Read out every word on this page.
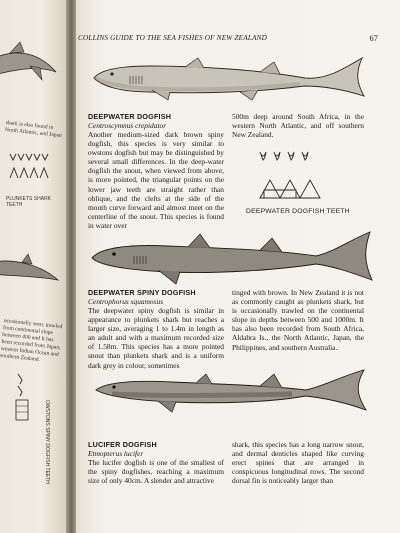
shark is also found in North Atlantic, and Japan
PLUNKETS SHARK TEETH
occasionally seen, trawled from continental slope between 400 and It has been recorded from Japan, western Indian Ocean and southern Zealand.
OWSTONS SPINY DOGFISH TEETH
COLLINS GUIDE TO THE SEA FISHES OF NEW ZEALAND	67
DEEPWATER DOGFISH
Centroscymnus crepidator
Another medium-sized dark brown spiny dogfish, this species is very similar to owstons dogfish but may be distinguished by several small differences. In the deep-water dogfish the snout, when viewed from above, is more pointed, the triangular points on the lower jaw teeth are straight rather than oblique, and the clefts at the side of the mouth curve forward and almost meet on the centerline of the snout. This species is found in water over
500m deep around South Africa, in the western North Atlantic, and off southern New Zealand.
DEEPWATER DOGFISH TEETH
DEEPWATER SPINY DOGFISH
Centrophorus squamosus
The deepwater spiny dogfish is similar in appearance to plunkets shark but reaches a larger size, averaging 1 to 1.4m in length as an adult and with a maximum recorded size of 1.58m. This species has a more pointed snout than plunkets shark and is a uniform dark grey in colour, sometimes
tinged with brown. In New Zealand it is not as commonly caught as plunkets shark, but is occasionally trawled on the continental slope in depths between 500 and 1000m. It has also been recorded from South Africa, Aldabra Is., the North Atlantic, Japan, the Philippines, and southern Australia.
LUCIFER DOGFISH
Etmopterus lucifer
The lucifer dogfish is one of the smallest of the spiny dogfishes, reaching a maximum size of only 40cm. A slender and attractive
shark, this species has a long narrow snout, and dermal denticles shaped like curving erect spines that are arranged in conspicuous longitudinal rows. The second dorsal fin is noticeably larger than
